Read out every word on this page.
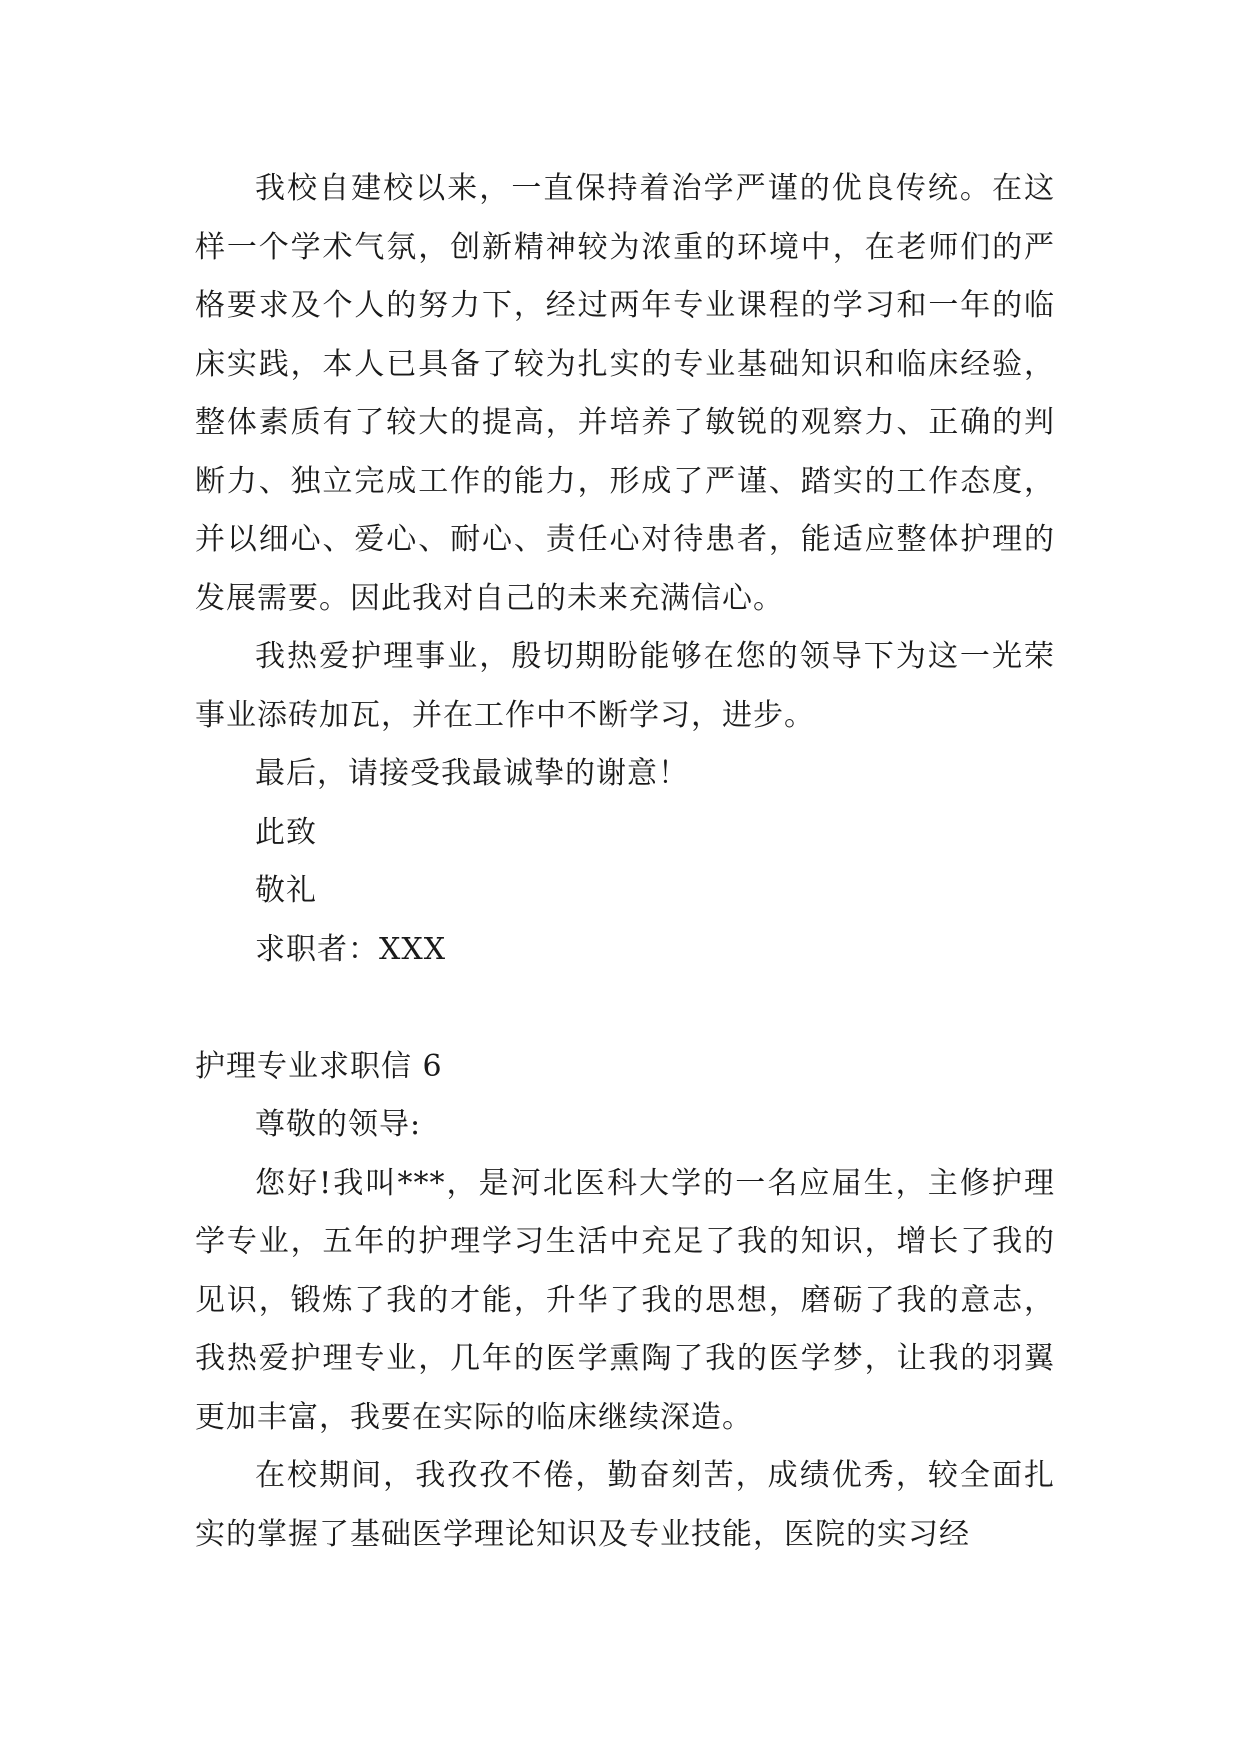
我校自建校以来，一直保持着治学严谨的优良传统。在这样一个学术气氛，创新精神较为浓重的环境中，在老师们的严格要求及个人的努力下，经过两年专业课程的学习和一年的临床实践，本人已具备了较为扎实的专业基础知识和临床经验，整体素质有了较大的提高，并培养了敏锐的观察力、正确的判断力、独立完成工作的能力，形成了严谨、踏实的工作态度，并以细心、爱心、耐心、责任心对待患者，能适应整体护理的发展需要。因此我对自己的未来充满信心。

我热爱护理事业，殷切期盼能够在您的领导下为这一光荣事业添砖加瓦，并在工作中不断学习，进步。

最后，请接受我最诚挚的谢意！

此致

敬礼

求职者：XXX

护理专业求职信 6

尊敬的领导:

您好!我叫***，是河北医科大学的一名应届生，主修护理学专业，五年的护理学习生活中充足了我的知识，增长了我的见识，锻炼了我的才能，升华了我的思想，磨砺了我的意志，我热爱护理专业，几年的医学熏陶了我的医学梦，让我的羽翼更加丰富，我要在实际的临床继续深造。

在校期间，我孜孜不倦，勤奋刻苦，成绩优秀，较全面扎实的掌握了基础医学理论知识及专业技能，医院的实习经
